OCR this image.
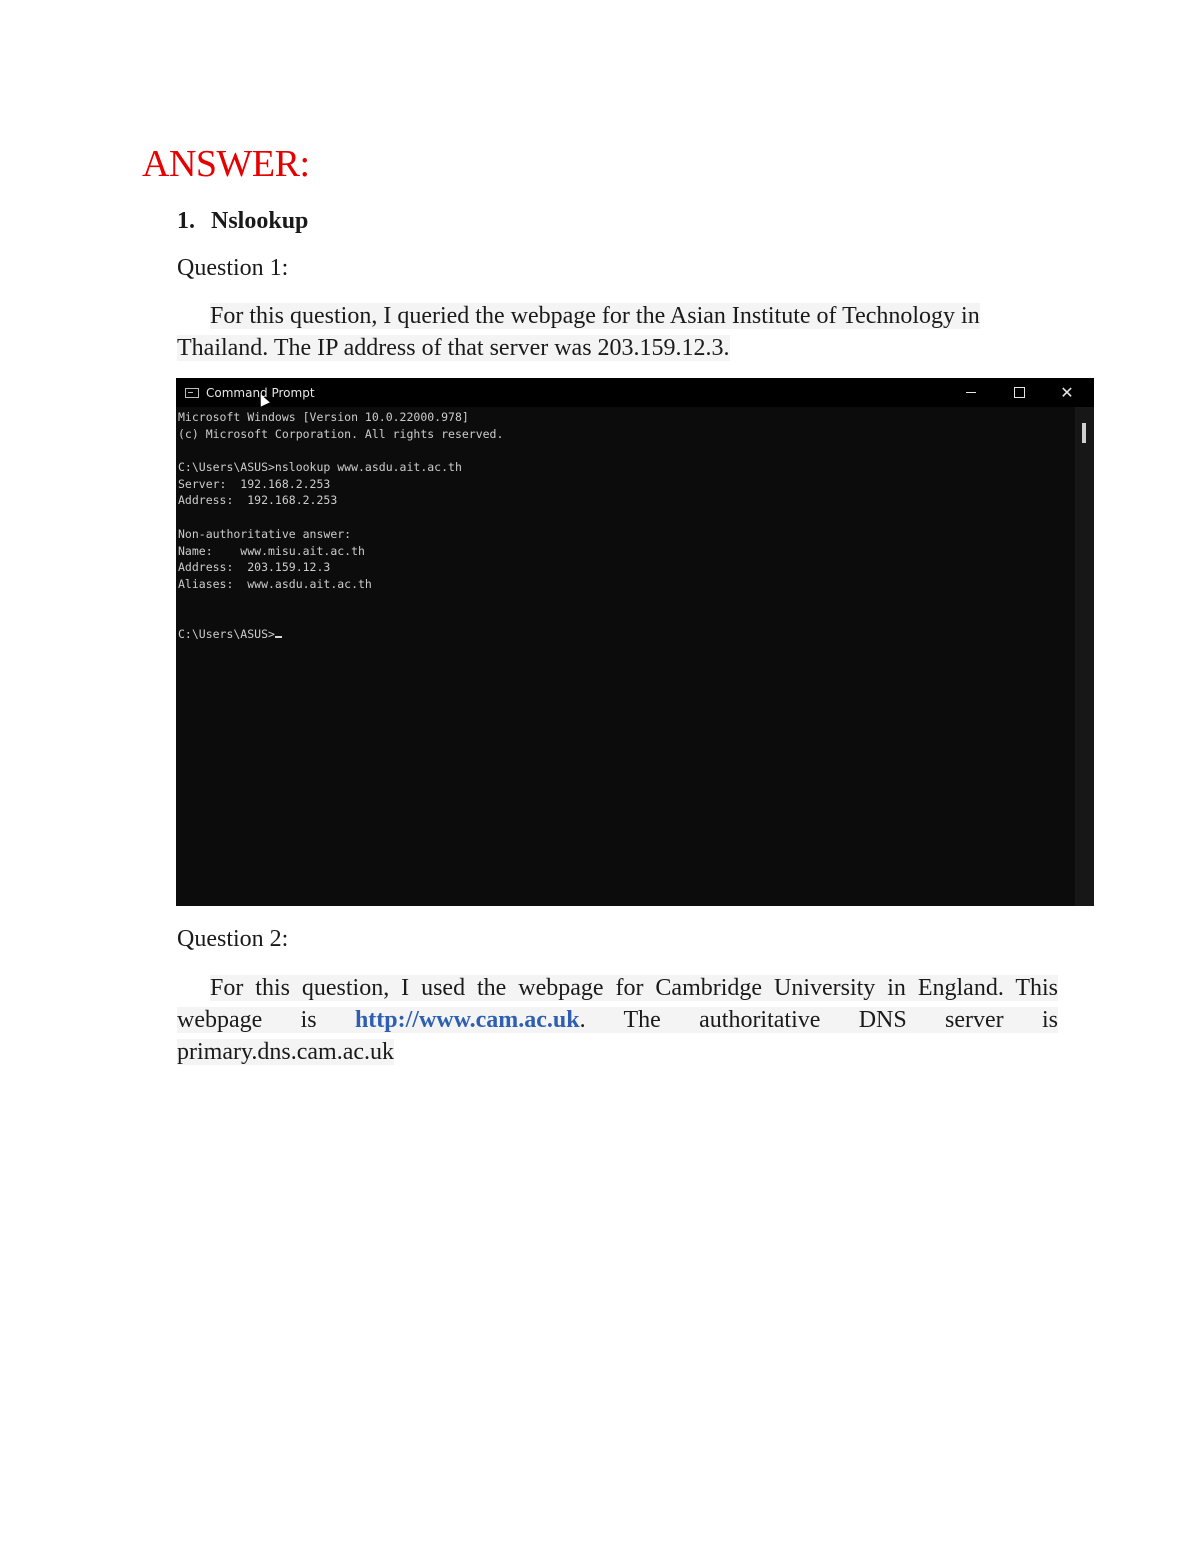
ANSWER:
1. Nslookup

Question 1:

For this question, I queried the webpage for the Asian Institute of Technology in Thailand. The IP address of that server was 203.159.12.3.

Command Prompt	✕
Microsoft Windows [Version 10.0.22000.978]
(c) Microsoft Corporation. All rights reserved.
C:\Users\ASUS>nslookup www.asdu.ait.ac.th
Server:  192.168.2.253
Address:  192.168.2.253
Non-authoritative answer:
Name:    www.misu.ait.ac.th
Address:  203.159.12.3
Aliases:  www.asdu.ait.ac.th
C:\Users\ASUS>

Question 2:

For this question, I used the webpage for Cambridge University in England. This webpage is http://www.cam.ac.uk. The authoritative DNS server is

primary.dns.cam.ac.uk
